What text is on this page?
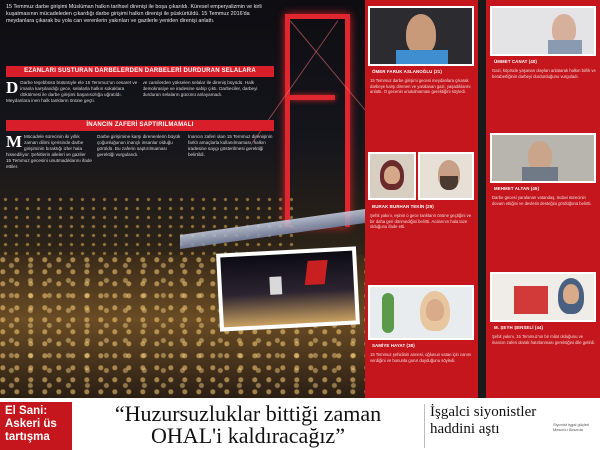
15 Temmuz darbe girişimi Müslüman halkın tarihsel direnişi ile boşa çıkarıldı. Küresel emperyalizmin ve kirli kuşatmasının mücadeleden çıkardığı darbe girişimi halkın direnişi ile püskürtüldü. 15 Temmuz 2016'da meydanlara çıkarak bu yola can verenlerin yakınları ve gazilerle yeniden direnişi anlattı.
EZANLARI SUSTURAN DARBELERDEN DARBELERİ DURDURAN SELALARA
D Darbe teşebbüsü bütünüyle ele 15 Temmuz'un cesaret ve imanla karşılandığı gece, selalarla halkın sokaklara dökülmesi ile darbe girişimi başarısızlığa uğratıldı. Meydanlara inen halk tankların önüne geçti.
ve camilerden yükselen selalar ile direniş büyüdü. Halk demokrasiye ve iradesine sahip çıktı. Darbeciler, darbeyi durduran selaların gücünü anlayamadı.
İNANCIN ZAFERİ SAPTIRILMAMALI
M Mücadele sürecinin iki yıllık zaman dilimi içerisinde darbe girişiminin bıraktığı izler hala hissediliyor. Şehitlerin aileleri ve gaziler 15 Temmuz gecesini unutmadıklarını ifade ettiler.
Darbe girişimine karşı direnenlerin büyük çoğunluğunun inançlı insanlar olduğu görüldü. Bu zaferin saptırılmaması gerektiği vurgulandı.
İnancın zaferi olan 15 Temmuz direnişinin farklı amaçlarla kullanılmaması, halkın iradesine saygı gösterilmesi gerektiği belirtildi.
ÖMER FARUK ASLANOĞLU (21)
15 Temmuz darbe girişimi gecesi meydanlara çıkarak darbeye karşı direnen ve yaralanan gazi, yaşadıklarını anlattı. O gecenin unutulmaması gerektiğini söyledi.
BURAK BURHAN TEKİN (29)
Şehit yakını, eşinin o gece tankların önüne geçtiğini ve bir daha geri dönmediğini belirtti. Acılarının hala taze olduğunu ifade etti.
SAMİYE HAYAT (38)
15 Temmuz şehidinin annesi, oğlunun vatan için canını verdiğini ve bununla gurur duyduğunu söyledi.
ÜMMET CANAT (40)
Gazi, köprüde yaşanan olayları anlatarak halkın birlik ve beraberliğinin darbeyi durdurduğunu vurguladı.
MEHMET ALTAN (45)
Darbe gecesi yaralanan vatandaş, tedavi sürecinin devam ettiğini ve devletin desteğini gördüğünü belirtti.
M. ŞEYH ŞENSELİ (44)
Şehit yakını, 15 Temmuz'un bir milat olduğunu ve inancın zaferi olarak hatırlanması gerektiğini dile getirdi.
El Sani: Askeri üs tartışma
“Huzursuzluklar bittiği zaman OHAL'i kaldıracağız”
İşgalci siyonistler haddini aştı	Siyonist işgal güçleri Mescid-i Aksa'da
